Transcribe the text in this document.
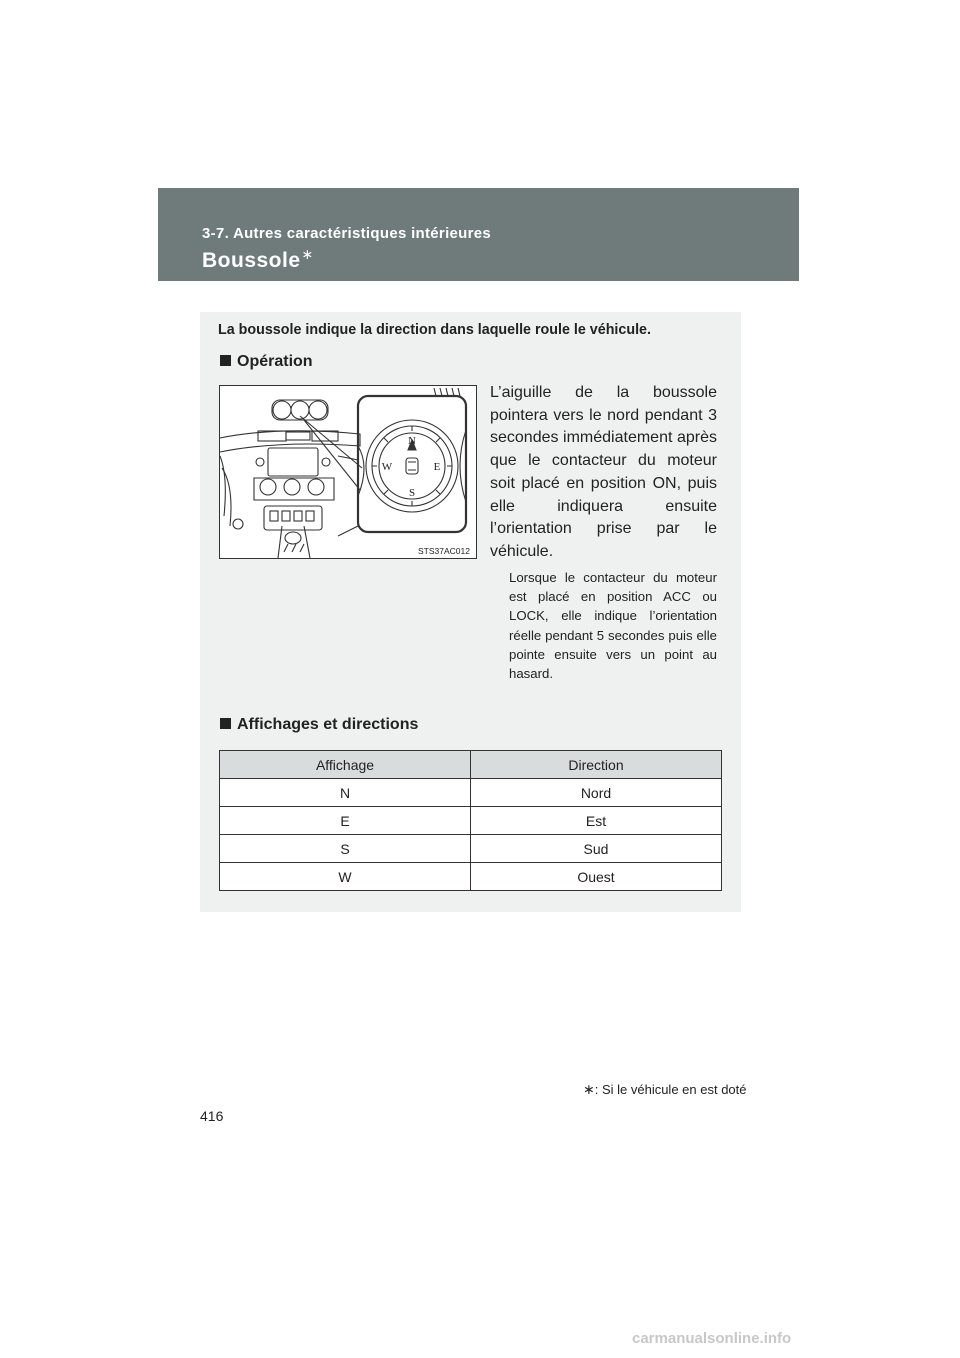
3-7. Autres caractéristiques intérieures
Boussole∗
La boussole indique la direction dans laquelle roule le véhicule.
Opération
N
E
S
W
STS37AC012
L’aiguille de la boussole pointera vers le nord pendant 3 secondes immédiatement après que le contacteur du moteur soit placé en position ON, puis elle indiquera ensuite l’orientation prise par le véhicule.
Lorsque le contacteur du moteur est placé en position ACC ou LOCK, elle indique l’orientation réelle pendant 5 secondes puis elle pointe ensuite vers un point au hasard.
Affichages et directions
Affichage	Direction
N	Nord
E	Est
S	Sud
W	Ouest
∗: Si le véhicule en est doté
416
carmanualsonline.info
